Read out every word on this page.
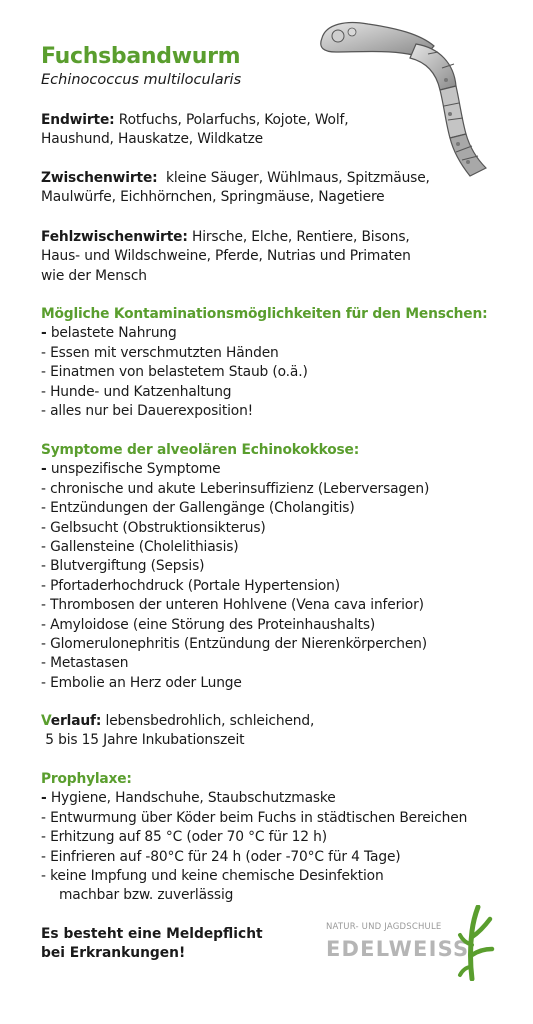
Fuchsbandwurm
Echinococcus multilocularis
Endwirte: Rotfuchs, Polarfuchs, Kojote, Wolf,
Haushund, Hauskatze, Wildkatze
Zwischenwirte: kleine Säuger, Wühlmaus, Spitzmäuse,
Maulwürfe, Eichhörnchen, Springmäuse, Nagetiere
Fehlzwischenwirte: Hirsche, Elche, Rentiere, Bisons,
Haus- und Wildschweine, Pferde, Nutrias und Primaten
wie der Mensch
Mögliche Kontaminationsmöglichkeiten für den Menschen:
- belastete Nahrung
- Essen mit verschmutzten Händen
- Einatmen von belastetem Staub (o.ä.)
- Hunde- und Katzenhaltung
- alles nur bei Dauerexposition!
Symptome der alveolären Echinokokkose:
- unspezifische Symptome
- chronische und akute Leberinsuffizienz (Leberversagen)
- Entzündungen der Gallengänge (Cholangitis)
- Gelbsucht (Obstruktionsikterus)
- Gallensteine (Cholelithiasis)
- Blutvergiftung (Sepsis)
- Pfortaderhochdruck (Portale Hypertension)
- Thrombosen der unteren Hohlvene (Vena cava inferior)
- Amyloidose (eine Störung des Proteinhaushalts)
- Glomerulonephritis (Entzündung der Nierenkörperchen)
- Metastasen
- Embolie an Herz oder Lunge
Verlauf: lebensbedrohlich, schleichend,
5 bis 15 Jahre Inkubationszeit
Prophylaxe:
- Hygiene, Handschuhe, Staubschutzmaske
- Entwurmung über Köder beim Fuchs in städtischen Bereichen
- Erhitzung auf 85 °C (oder 70 °C für 12 h)
- Einfrieren auf -80°C für 24 h (oder -70°C für 4 Tage)
- keine Impfung und keine chemische Desinfektion
machbar bzw. zuverlässig
Es besteht eine Meldepflicht
bei Erkrankungen!
NATUR- UND JAGDSCHULE
EDELWEISS
